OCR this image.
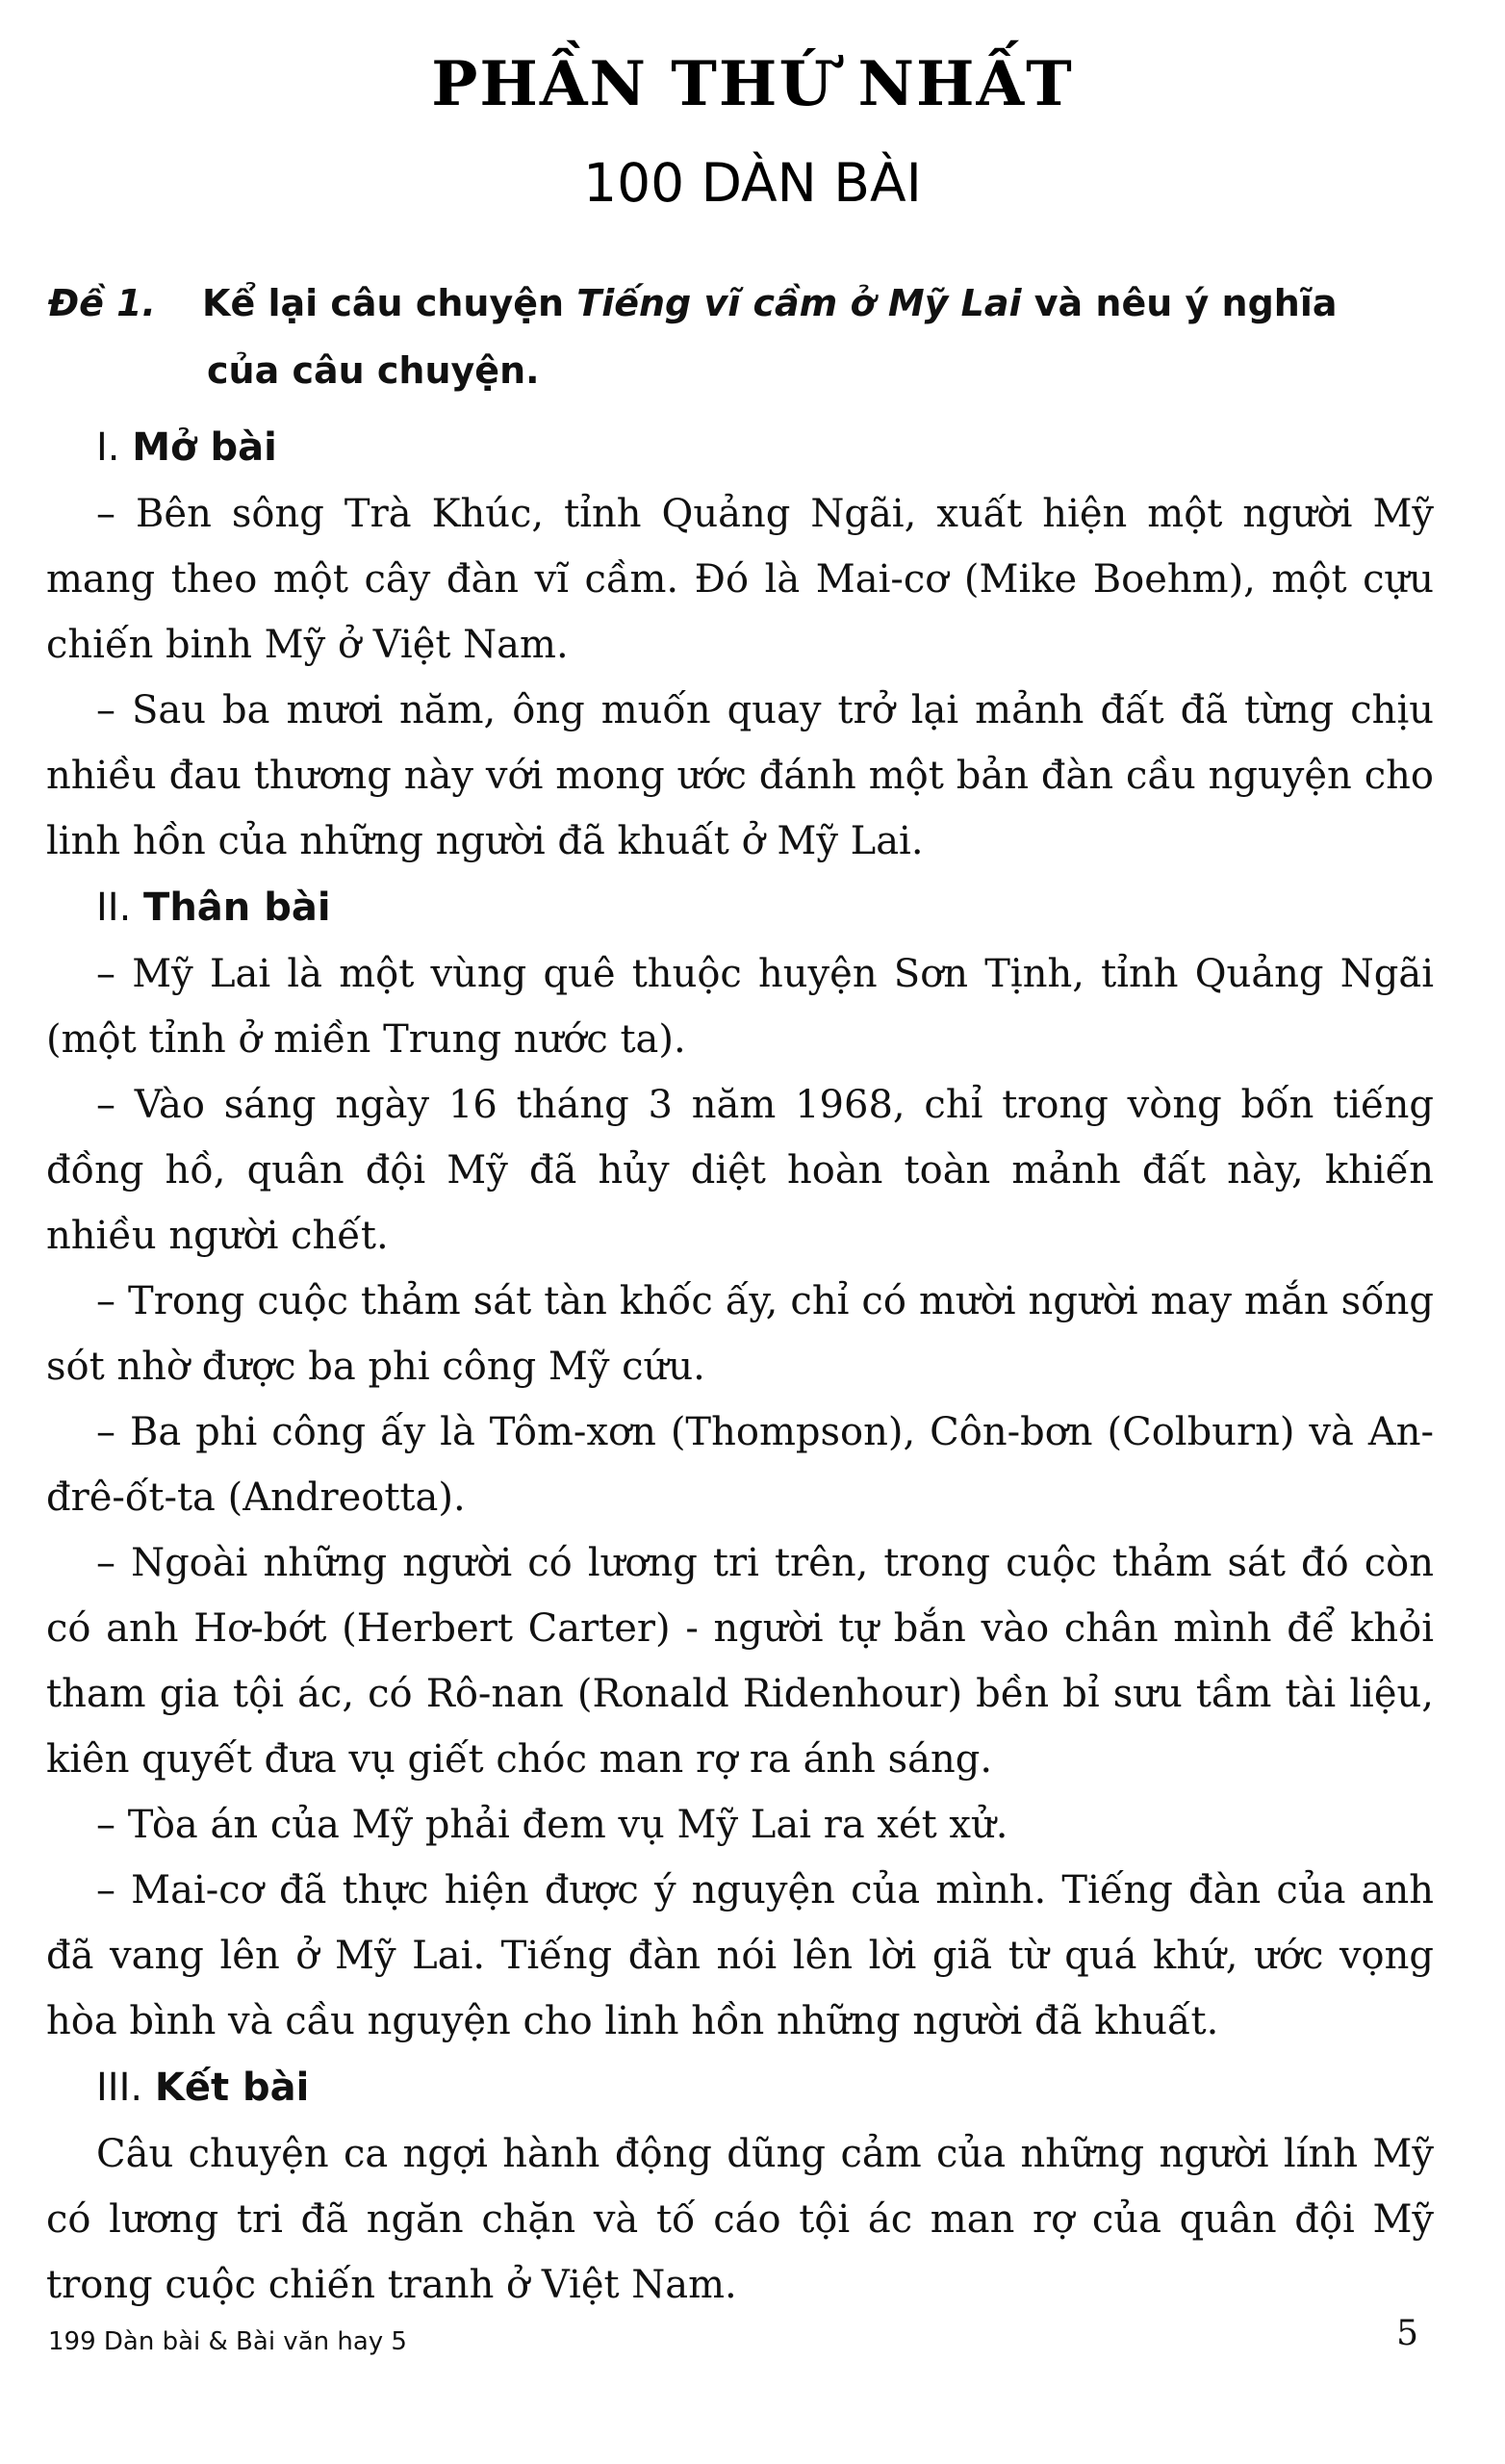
PHẦN THỨ NHẤT
100 DÀN BÀI
Đề 1. Kể lại câu chuyện Tiếng vĩ cầm ở Mỹ Lai và nêu ý nghĩa
của câu chuyện.
I. Mở bài

– Bên sông Trà Khúc, tỉnh Quảng Ngãi, xuất hiện một người Mỹ mang theo một cây đàn vĩ cầm. Đó là Mai-cơ (Mike Boehm), một cựu chiến binh Mỹ ở Việt Nam.

– Sau ba mươi năm, ông muốn quay trở lại mảnh đất đã từng chịu nhiều đau thương này với mong ước đánh một bản đàn cầu nguyện cho linh hồn của những người đã khuất ở Mỹ Lai.

II. Thân bài

– Mỹ Lai là một vùng quê thuộc huyện Sơn Tịnh, tỉnh Quảng Ngãi (một tỉnh ở miền Trung nước ta).

– Vào sáng ngày 16 tháng 3 năm 1968, chỉ trong vòng bốn tiếng đồng hồ, quân đội Mỹ đã hủy diệt hoàn toàn mảnh đất này, khiến nhiều người chết.

– Trong cuộc thảm sát tàn khốc ấy, chỉ có mười người may mắn sống sót nhờ được ba phi công Mỹ cứu.

– Ba phi công ấy là Tôm-xơn (Thompson), Côn-bơn (Colburn) và An-đrê-ốt-ta (Andreotta).

– Ngoài những người có lương tri trên, trong cuộc thảm sát đó còn có anh Hơ-bớt (Herbert Carter) - người tự bắn vào chân mình để khỏi tham gia tội ác, có Rô-nan (Ronald Ridenhour) bền bỉ sưu tầm tài liệu, kiên quyết đưa vụ giết chóc man rợ ra ánh sáng.

– Tòa án của Mỹ phải đem vụ Mỹ Lai ra xét xử.

– Mai-cơ đã thực hiện được ý nguyện của mình. Tiếng đàn của anh đã vang lên ở Mỹ Lai. Tiếng đàn nói lên lời giã từ quá khứ, ước vọng hòa bình và cầu nguyện cho linh hồn những người đã khuất.

III. Kết bài

Câu chuyện ca ngợi hành động dũng cảm của những người lính Mỹ có lương tri đã ngăn chặn và tố cáo tội ác man rợ của quân đội Mỹ trong cuộc chiến tranh ở Việt Nam.

199 Dàn bài & Bài văn hay 5	5
